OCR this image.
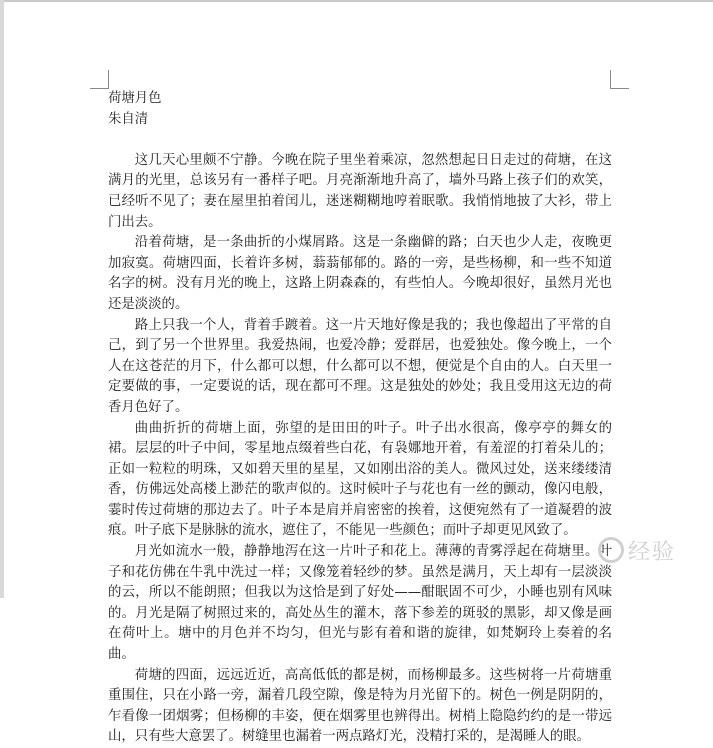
荷塘月色

朱自清

这几天心里颇不宁静。今晚在院子里坐着乘凉，忽然想起日日走过的荷塘，在这满月的光里，总该另有一番样子吧。月亮渐渐地升高了，墙外马路上孩子们的欢笑，已经听不见了；妻在屋里拍着闰儿，迷迷糊糊地哼着眠歌。我悄悄地披了大衫，带上门出去。

沿着荷塘，是一条曲折的小煤屑路。这是一条幽僻的路；白天也少人走，夜晚更加寂寞。荷塘四面，长着许多树，蓊蓊郁郁的。路的一旁，是些杨柳，和一些不知道名字的树。没有月光的晚上，这路上阴森森的，有些怕人。今晚却很好，虽然月光也还是淡淡的。

路上只我一个人，背着手踱着。这一片天地好像是我的；我也像超出了平常的自己，到了另一个世界里。我爱热闹，也爱冷静；爱群居，也爱独处。像今晚上，一个人在这苍茫的月下，什么都可以想，什么都可以不想，便觉是个自由的人。白天里一定要做的事，一定要说的话，现在都可不理。这是独处的妙处；我且受用这无边的荷香月色好了。

曲曲折折的荷塘上面，弥望的是田田的叶子。叶子出水很高，像亭亭的舞女的裙。层层的叶子中间，零星地点缀着些白花，有袅娜地开着，有羞涩的打着朵儿的；正如一粒粒的明珠，又如碧天里的星星，又如刚出浴的美人。微风过处，送来缕缕清香，仿佛远处高楼上渺茫的歌声似的。这时候叶子与花也有一丝的颤动，像闪电般，霎时传过荷塘的那边去了。叶子本是肩并肩密密的挨着，这便宛然有了一道凝碧的波痕。叶子底下是脉脉的流水，遮住了，不能见一些颜色；而叶子却更见风致了。

月光如流水一般，静静地泻在这一片叶子和花上。薄薄的青雾浮起在荷塘里。叶子和花仿佛在牛乳中洗过一样；又像笼着轻纱的梦。虽然是满月，天上却有一层淡淡的云，所以不能朗照；但我以为这恰是到了好处——酣眠固不可少，小睡也别有风味的。月光是隔了树照过来的，高处丛生的灌木，落下参差的斑驳的黑影，却又像是画在荷叶上。塘中的月色并不均匀，但光与影有着和谐的旋律，如梵婀玲上奏着的名曲。

荷塘的四面，远远近近，高高低低的都是树，而杨柳最多。这些树将一片荷塘重重围住，只在小路一旁，漏着几段空隙，像是特为月光留下的。树色一例是阴阴的，乍看像一团烟雾；但杨柳的丰姿，便在烟雾里也辨得出。树梢上隐隐约约的是一带远山，只有些大意罢了。树缝里也漏着一两点路灯光，没精打采的，是渴睡人的眼。

经验
